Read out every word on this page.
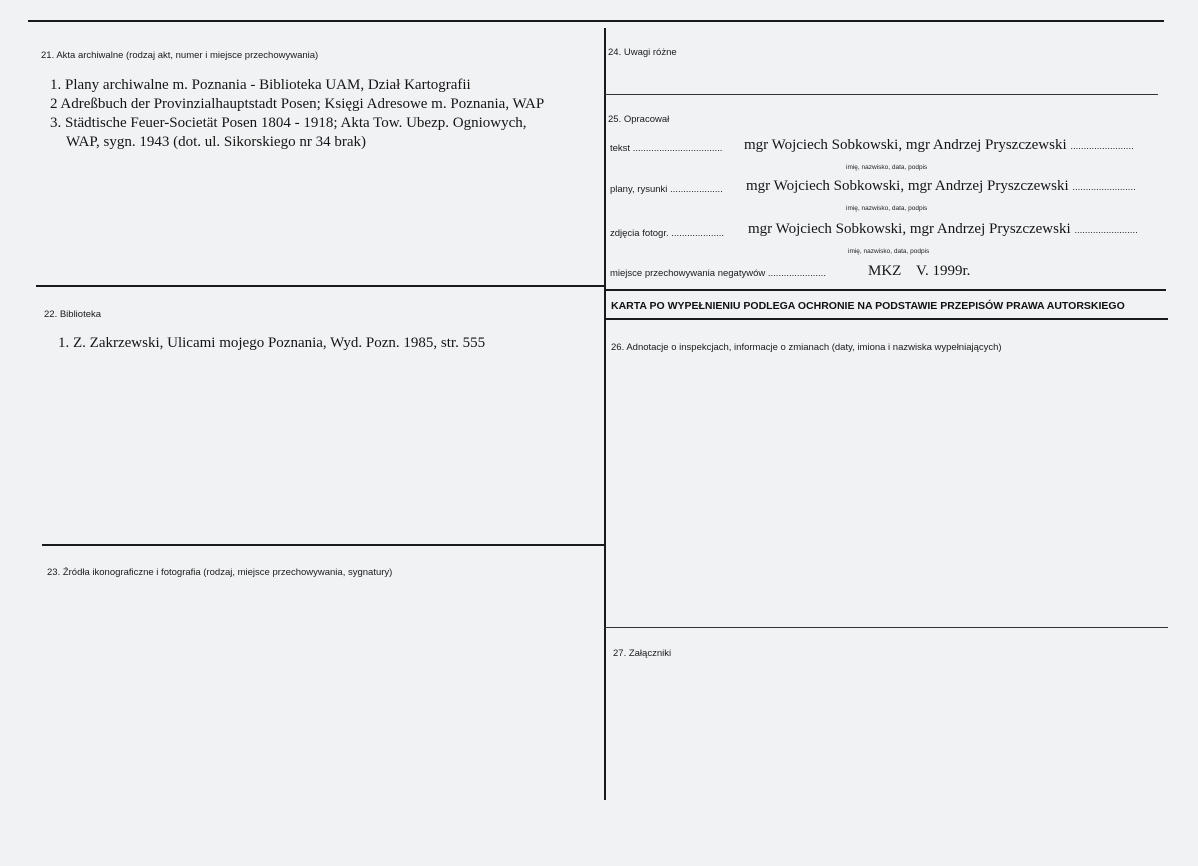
21. Akta archiwalne (rodzaj akt, numer i miejsce przechowywania)
1. Plany archiwalne m. Poznania - Biblioteka UAM, Dział Kartografii
2 Adreßbuch der Provinzialhauptstadt Posen; Księgi Adresowe m. Poznania, WAP
3. Städtische Feuer-Societät Posen 1804 - 1918; Akta Tow. Ubezp. Ogniowych,
WAP, sygn. 1943 (dot. ul. Sikorskiego nr 34 brak)
22. Biblioteka
1. Z. Zakrzewski, Ulicami mojego Poznania, Wyd. Pozn. 1985, str. 555
23. Źródła ikonograficzne i fotografia (rodzaj, miejsce przechowywania, sygnatury)
24. Uwagi różne
25. Opracował
tekst .................................. mgr Wojciech Sobkowski, mgr Andrzej Pryszczewski ........................
imię, nazwisko, data, podpis
plany, rysunki .................... mgr Wojciech Sobkowski, mgr Andrzej Pryszczewski ........................
imię, nazwisko, data, podpis
zdjęcia fotogr. .................... mgr Wojciech Sobkowski, mgr Andrzej Pryszczewski ........................
imię, nazwisko, data, podpis
miejsce przechowywania negatywów ......................	MKZ    V. 1999r.
KARTA PO WYPEŁNIENIU PODLEGA OCHRONIE NA PODSTAWIE PRZEPISÓW PRAWA AUTORSKIEGO
26. Adnotacje o inspekcjach, informacje o zmianach (daty, imiona i nazwiska wypełniających)
27. Załączniki
